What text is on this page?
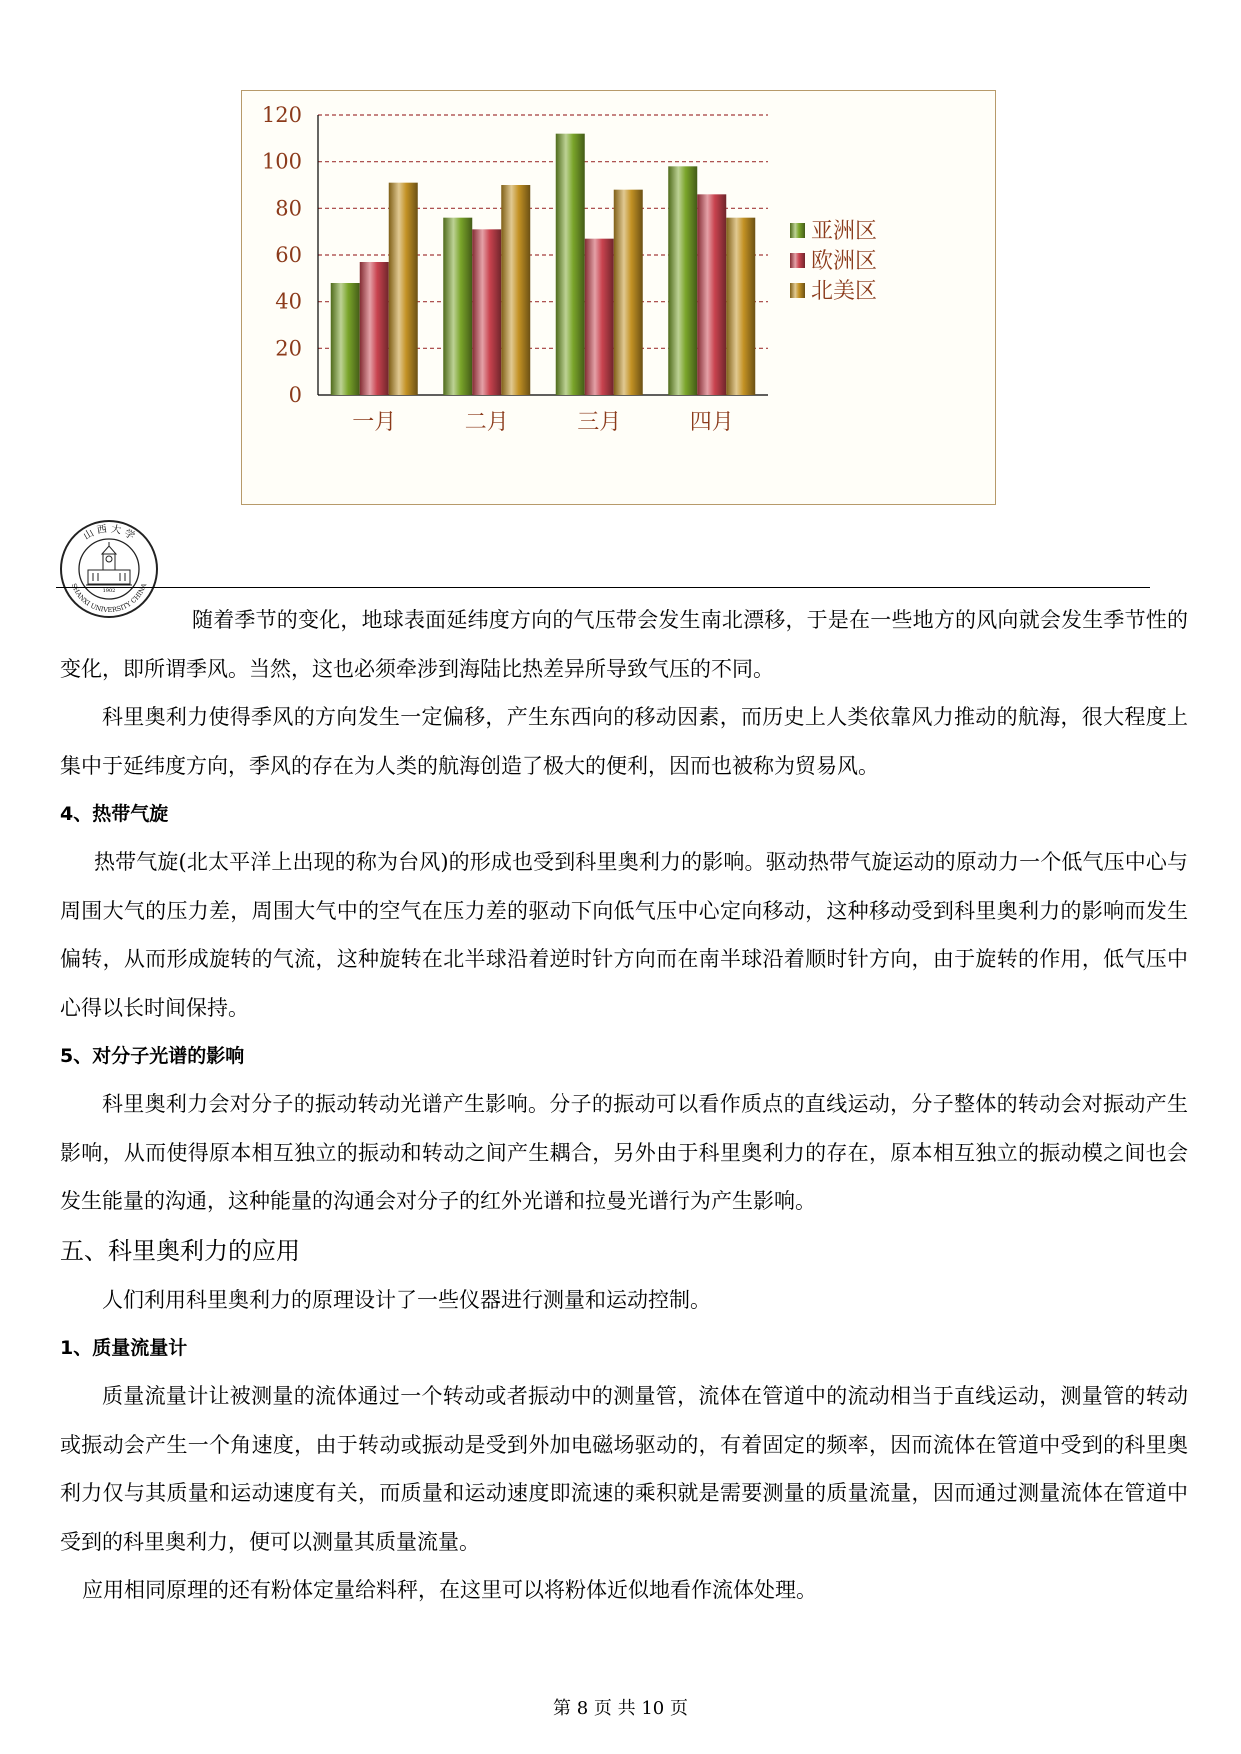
0
20
40
60
80
100
120
一月	二月	三月	四月
亚洲区
欧洲区
北美区
山 西 大 学
SHANXI UNIVERSITY CHINA
1902
随着季节的变化，地球表面延纬度方向的气压带会发生南北漂移，于是在一些地方的风向就会发生季节性的变化，即所谓季风。当然，这也必须牵涉到海陆比热差异所导致气压的不同。
科里奥利力使得季风的方向发生一定偏移，产生东西向的移动因素，而历史上人类依靠风力推动的航海，很大程度上集中于延纬度方向，季风的存在为人类的航海创造了极大的便利，因而也被称为贸易风。
4、热带气旋
热带气旋(北太平洋上出现的称为台风)的形成也受到科里奥利力的影响。驱动热带气旋运动的原动力一个低气压中心与周围大气的压力差，周围大气中的空气在压力差的驱动下向低气压中心定向移动，这种移动受到科里奥利力的影响而发生偏转，从而形成旋转的气流，这种旋转在北半球沿着逆时针方向而在南半球沿着顺时针方向，由于旋转的作用，低气压中心得以长时间保持。
5、对分子光谱的影响
科里奥利力会对分子的振动转动光谱产生影响。分子的振动可以看作质点的直线运动，分子整体的转动会对振动产生影响，从而使得原本相互独立的振动和转动之间产生耦合，另外由于科里奥利力的存在，原本相互独立的振动模之间也会发生能量的沟通，这种能量的沟通会对分子的红外光谱和拉曼光谱行为产生影响。
五、科里奥利力的应用
人们利用科里奥利力的原理设计了一些仪器进行测量和运动控制。
1、质量流量计
质量流量计让被测量的流体通过一个转动或者振动中的测量管，流体在管道中的流动相当于直线运动，测量管的转动或振动会产生一个角速度，由于转动或振动是受到外加电磁场驱动的，有着固定的频率，因而流体在管道中受到的科里奥利力仅与其质量和运动速度有关，而质量和运动速度即流速的乘积就是需要测量的质量流量，因而通过测量流体在管道中受到的科里奥利力，便可以测量其质量流量。
应用相同原理的还有粉体定量给料秤，在这里可以将粉体近似地看作流体处理。
第 8 页 共 10 页
